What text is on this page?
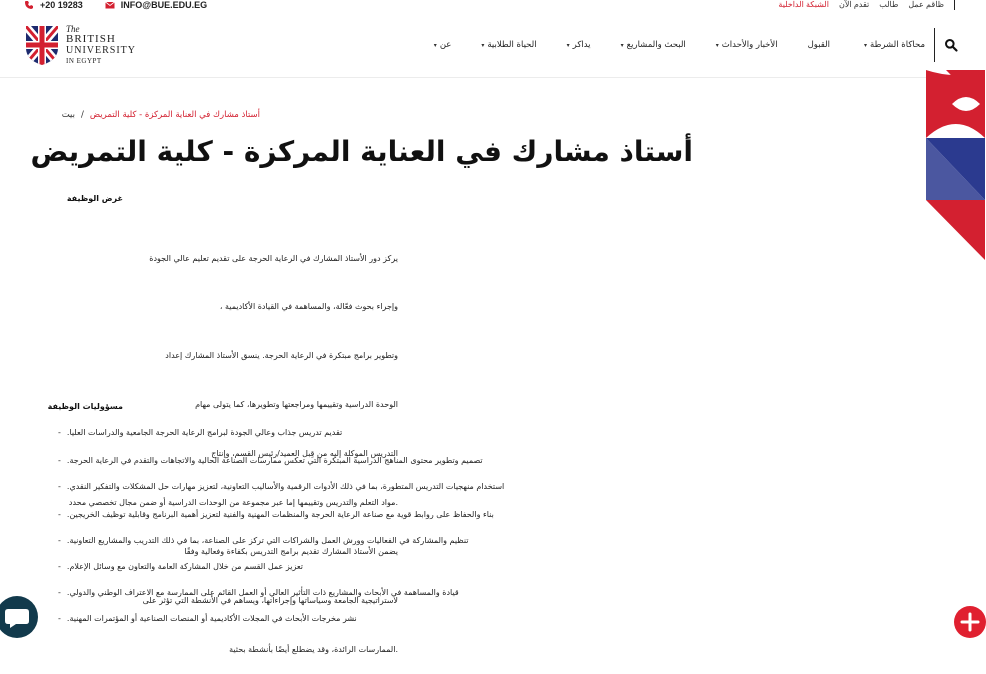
+20 19283	INFO@BUE.EDU.EG	ظاقم عمل
طالب
تقدم الآن
الشبكة الداخلية
The
BRITISH
UNIVERSITY
IN EGYPT
محاكاة الشرطة
▾
القبول
الأخبار والأحداث
▾
البحث والمشاريع
▾
يداكر
▾
الحياة الطلابية
▾
عن
▾
أستاذ مشارك في العناية المركزة - كلية التمريض
/
بيت
أستاذ مشارك في العناية المركزة - كلية التمريض
غرض الوظيفة

يركز دور الأستاذ المشارك في الرعاية الحرجة على تقديم تعليم عالي الجودة

وإجراء بحوث فعّالة، والمساهمة في القيادة الأكاديمية ،

وتطوير برامج مبتكرة في الرعاية الحرجة. ينسق الأستاذ المشارك إعداد

الوحدة الدراسية وتقييمها ومراجعتها وتطويرها، كما يتولى مهام

التدريس الموكلة إليه من قِبل العميد/رئيس القسم، وإنتاج

.مواد التعلم والتدريس وتقييمها إما عبر مجموعة من الوحدات الدراسية أو ضمن مجال تخصصي محدد

يضمن الأستاذ المشارك تقديم برامج التدريس بكفاءة وفعالية وفقًا

لاستراتيجية الجامعة وسياساتها وإجراءاتها، ويساهم في الأنشطة التي تؤثر على

.الممارسات الرائدة، وقد يضطلع أيضًا بأنشطة بحثية

مسؤوليات الوظيفة
- .تقديم تدريس جذاب وعالي الجودة لبرامج الرعاية الحرجة الجامعية والدراسات العليا
- .تصميم وتطوير محتوى المناهج الدراسية المبتكرة التي تعكس ممارسات الصناعة الحالية والاتجاهات والتقدم في الرعاية الحرجة
- .استخدام منهجيات التدريس المتطورة، بما في ذلك الأدوات الرقمية والأساليب التعاونية، لتعزيز مهارات حل المشكلات والتفكير النقدي
- .بناء والحفاظ على روابط قوية مع صناعة الرعاية الحرجة والمنظمات المهنية والفنية لتعزيز أهمية البرنامج وقابلية توظيف الخريجين
- .تنظيم والمشاركة في الفعاليات وورش العمل والشراكات التي تركز على الصناعة، بما في ذلك التدريب والمشاريع التعاونية
- .تعزيز عمل القسم من خلال المشاركة العامة والتعاون مع وسائل الإعلام
- .قيادة والمساهمة في الأبحاث والمشاريع ذات التأثير العالي أو العمل القائم على الممارسة مع الاعتراف الوطني والدولي
- .نشر مخرجات الأبحاث في المجلات الأكاديمية أو المنصات الصناعية أو المؤتمرات المهنية
